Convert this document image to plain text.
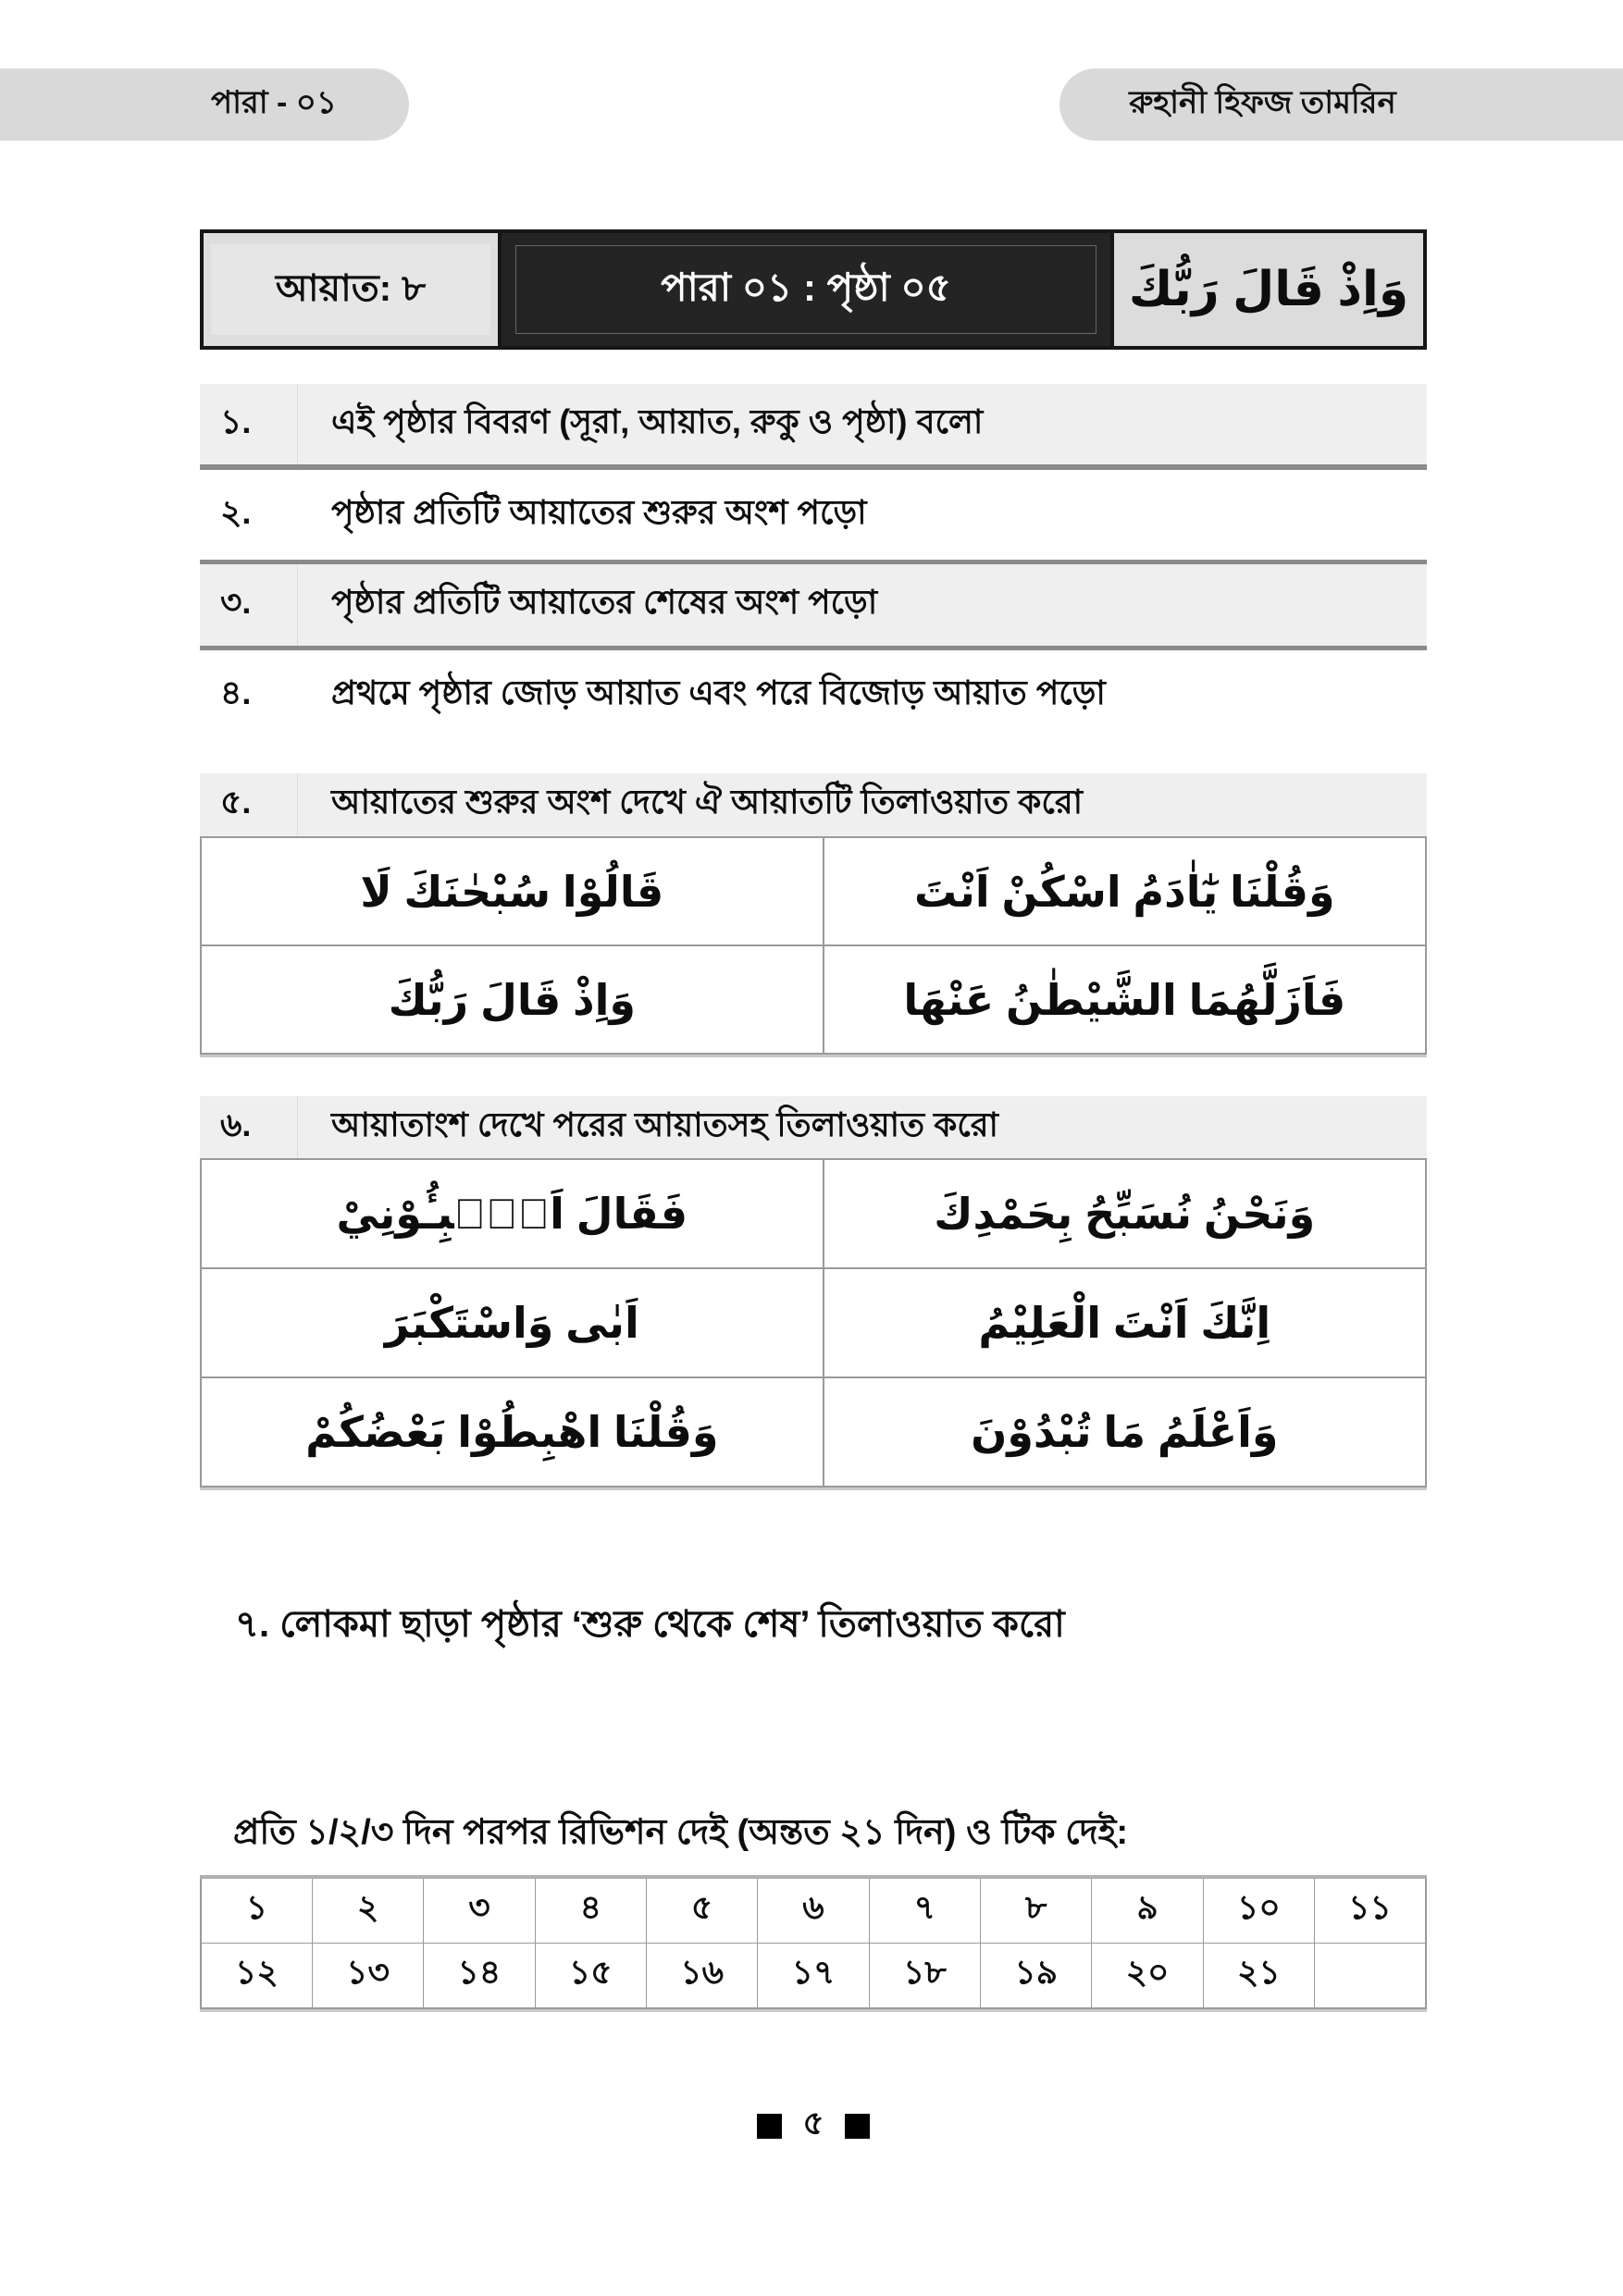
পারা - ০১	রুহানী হিফজ তামরিন
আয়াত: ৮	পারা ০১ : পৃষ্ঠা ০৫	وَاِذْ قَالَ رَبُّكَ
১.	এই পৃষ্ঠার বিবরণ (সূরা, আয়াত, রুকু ও পৃষ্ঠা) বলো
২.	পৃষ্ঠার প্রতিটি আয়াতের শুরুর অংশ পড়ো
৩.	পৃষ্ঠার প্রতিটি আয়াতের শেষের অংশ পড়ো
৪.	প্রথমে পৃষ্ঠার জোড় আয়াত এবং পরে বিজোড় আয়াত পড়ো
৫.	আয়াতের শুরুর অংশ দেখে ঐ আয়াতটি তিলাওয়াত করো
قَالُوْا سُبْحٰنَكَ لَا	وَقُلْنَا يٰٓاٰدَمُ اسْكُنْ اَنْتَ
وَاِذْ قَالَ رَبُّكَ	فَاَزَلَّهُمَا الشَّيْطٰنُ عَنْهَا
৬.	আয়াতাংশ দেখে পরের আয়াতসহ তিলাওয়াত করো
فَقَالَ اَنْۢبِـُٔوْنِيْ	وَنَحْنُ نُسَبِّحُ بِحَمْدِكَ
اَبٰى وَاسْتَكْبَرَ	اِنَّكَ اَنْتَ الْعَلِيْمُ
وَقُلْنَا اهْبِطُوْا بَعْضُكُمْ	وَاَعْلَمُ مَا تُبْدُوْنَ
৭. লোকমা ছাড়া পৃষ্ঠার ‘শুরু থেকে শেষ’ তিলাওয়াত করো
প্রতি ১/২/৩ দিন পরপর রিভিশন দেই (অন্তত ২১ দিন) ও টিক দেই:
১	২	৩	৪	৫	৬	৭	৮	৯	১০	১১
১২	১৩	১৪	১৫	১৬	১৭	১৮	১৯	২০	২১	
৫
